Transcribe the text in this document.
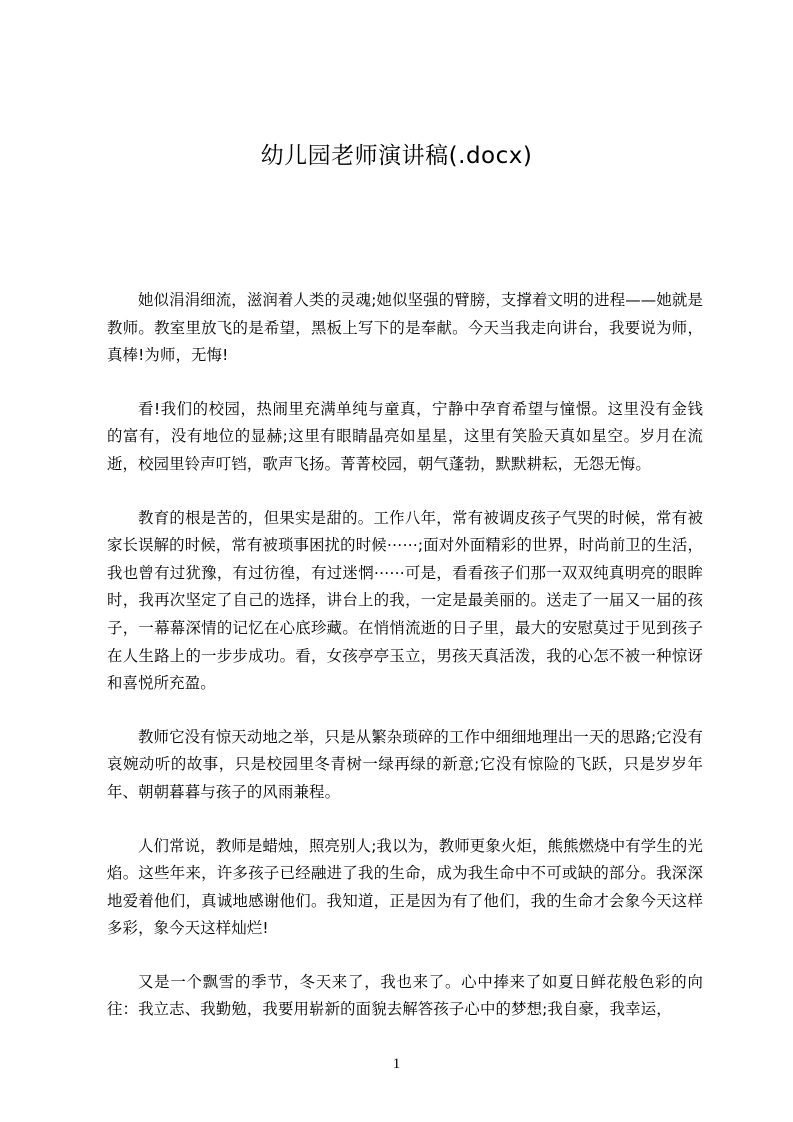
幼儿园老师演讲稿(.docx)

她似涓涓细流，滋润着人类的灵魂;她似坚强的臂膀，支撑着文明的进程——她就是教师。教室里放飞的是希望，黑板上写下的是奉献。今天当我走向讲台，我要说为师，真棒!为师，无悔!

看!我们的校园，热闹里充满单纯与童真，宁静中孕育希望与憧憬。这里没有金钱的富有，没有地位的显赫;这里有眼睛晶亮如星星，这里有笑脸天真如星空。岁月在流逝，校园里铃声叮铛，歌声飞扬。菁菁校园，朝气蓬勃，默默耕耘，无怨无悔。

教育的根是苦的，但果实是甜的。工作八年，常有被调皮孩子气哭的时候，常有被家长误解的时候，常有被琐事困扰的时候⋯⋯;面对外面精彩的世界，时尚前卫的生活，我也曾有过犹豫，有过彷徨，有过迷惘⋯⋯可是，看看孩子们那一双双纯真明亮的眼眸时，我再次坚定了自己的选择，讲台上的我，一定是最美丽的。送走了一届又一届的孩子，一幕幕深情的记忆在心底珍藏。在悄悄流逝的日子里，最大的安慰莫过于见到孩子在人生路上的一步步成功。看，女孩亭亭玉立，男孩天真活泼，我的心怎不被一种惊讶和喜悦所充盈。

教师它没有惊天动地之举，只是从繁杂琐碎的工作中细细地理出一天的思路;它没有哀婉动听的故事，只是校园里冬青树一绿再绿的新意;它没有惊险的飞跃，只是岁岁年年、朝朝暮暮与孩子的风雨兼程。

人们常说，教师是蜡烛，照亮别人;我以为，教师更象火炬，熊熊燃烧中有学生的光焰。这些年来，许多孩子已经融进了我的生命，成为我生命中不可或缺的部分。我深深地爱着他们，真诚地感谢他们。我知道，正是因为有了他们，我的生命才会象今天这样多彩，象今天这样灿烂!

又是一个飘雪的季节，冬天来了，我也来了。心中捧来了如夏日鲜花般色彩的向往：我立志、我勤勉，我要用崭新的面貌去解答孩子心中的梦想;我自豪，我幸运，

1
